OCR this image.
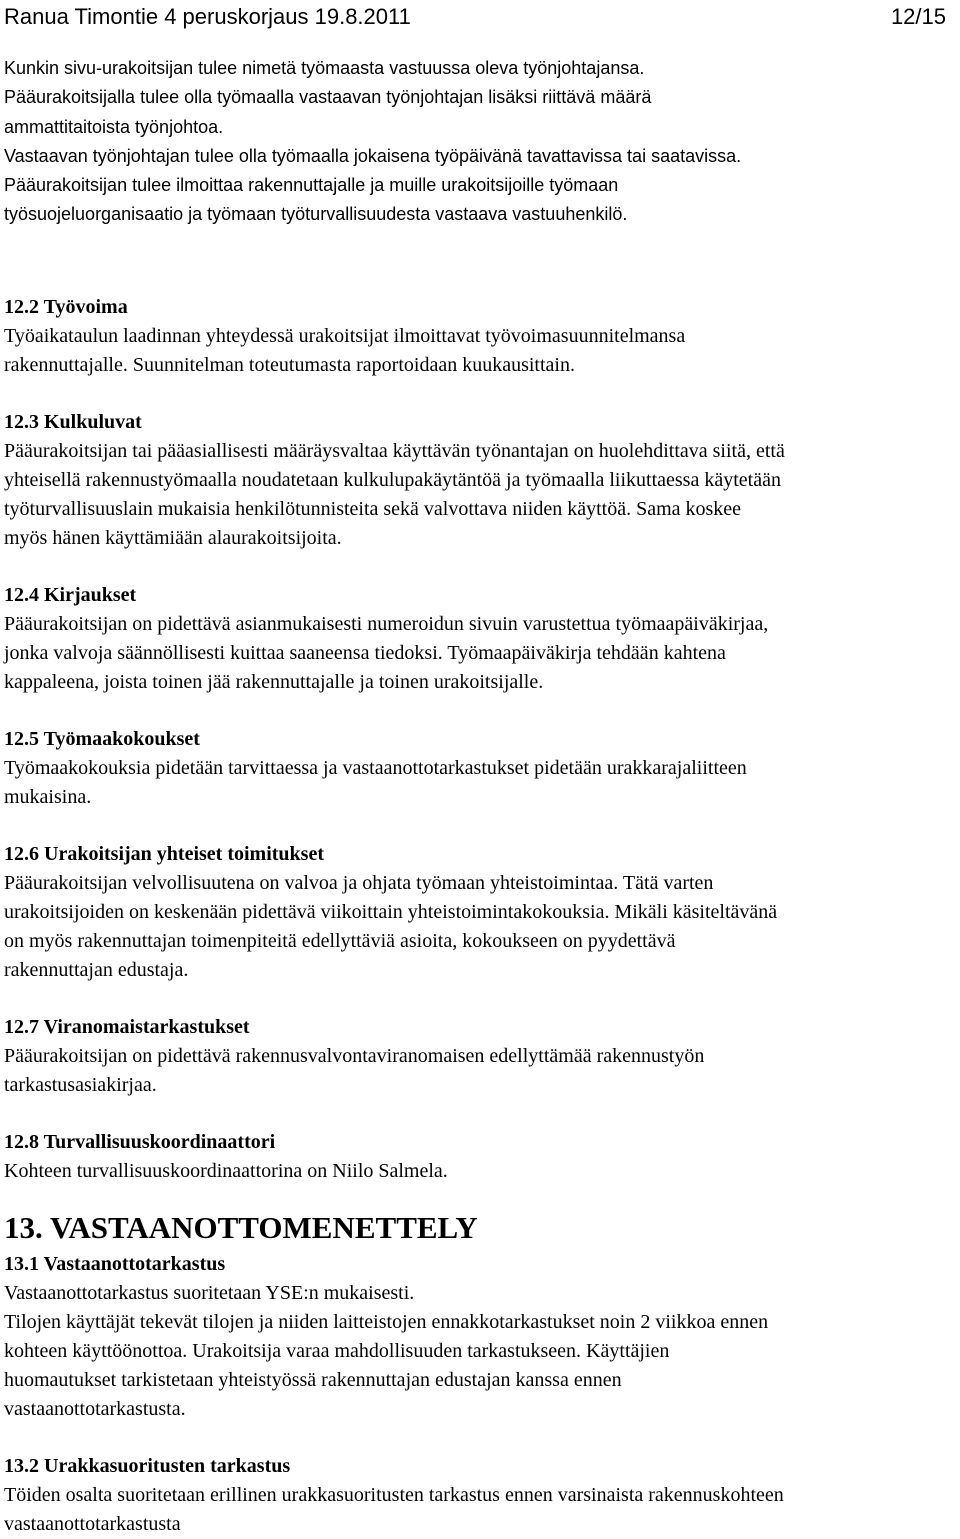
Ranua Timontie 4 peruskorjaus 19.8.2011	12/15

Kunkin sivu-urakoitsijan tulee nimetä työmaasta vastuussa oleva työnjohtajansa.

Pääurakoitsijalla tulee olla työmaalla vastaavan työnjohtajan lisäksi riittävä määrä

ammattitaitoista työnjohtoa.

Vastaavan työnjohtajan tulee olla työmaalla jokaisena työpäivänä tavattavissa tai saatavissa.

Pääurakoitsijan tulee ilmoittaa rakennuttajalle ja muille urakoitsijoille työmaan

työsuojeluorganisaatio ja työmaan työturvallisuudesta vastaava vastuuhenkilö.

12.2 Työvoima

Työaikataulun laadinnan yhteydessä urakoitsijat ilmoittavat työvoimasuunnitelmansa

rakennuttajalle. Suunnitelman toteutumasta raportoidaan kuukausittain.

12.3 Kulkuluvat

Pääurakoitsijan tai pääasiallisesti määräysvaltaa käyttävän työnantajan on huolehdittava siitä, että

yhteisellä rakennustyömaalla noudatetaan kulkulupakäytäntöä ja työmaalla liikuttaessa käytetään

työturvallisuuslain mukaisia henkilötunnisteita sekä valvottava niiden käyttöä. Sama koskee

myös hänen käyttämiään alaurakoitsijoita.

12.4 Kirjaukset

Pääurakoitsijan on pidettävä asianmukaisesti numeroidun sivuin varustettua työmaapäiväkirjaa,

jonka valvoja säännöllisesti kuittaa saaneensa tiedoksi. Työmaapäiväkirja tehdään kahtena

kappaleena, joista toinen jää rakennuttajalle ja toinen urakoitsijalle.

12.5 Työmaakokoukset

Työmaakokouksia pidetään tarvittaessa ja vastaanottotarkastukset pidetään urakkarajaliitteen

mukaisina.

12.6 Urakoitsijan yhteiset toimitukset

Pääurakoitsijan velvollisuutena on valvoa ja ohjata työmaan yhteistoimintaa. Tätä varten

urakoitsijoiden on keskenään pidettävä viikoittain yhteistoimintakokouksia. Mikäli käsiteltävänä

on myös rakennuttajan toimenpiteitä edellyttäviä asioita, kokoukseen on pyydettävä

rakennuttajan edustaja.

12.7 Viranomaistarkastukset

Pääurakoitsijan on pidettävä rakennusvalvontaviranomaisen edellyttämää rakennustyön

tarkastusasiakirjaa.

12.8 Turvallisuuskoordinaattori

Kohteen turvallisuuskoordinaattorina on Niilo Salmela.

13. VASTAANOTTOMENETTELY
13.1 Vastaanottotarkastus

Vastaanottotarkastus suoritetaan YSE:n mukaisesti.

Tilojen käyttäjät tekevät tilojen ja niiden laitteistojen ennakkotarkastukset noin 2 viikkoa ennen

kohteen käyttöönottoa. Urakoitsija varaa mahdollisuuden tarkastukseen. Käyttäjien

huomautukset tarkistetaan yhteistyössä rakennuttajan edustajan kanssa ennen

vastaanottotarkastusta.

13.2 Urakkasuoritusten tarkastus

Töiden osalta suoritetaan erillinen urakkasuoritusten tarkastus ennen varsinaista rakennuskohteen

vastaanottotarkastusta
